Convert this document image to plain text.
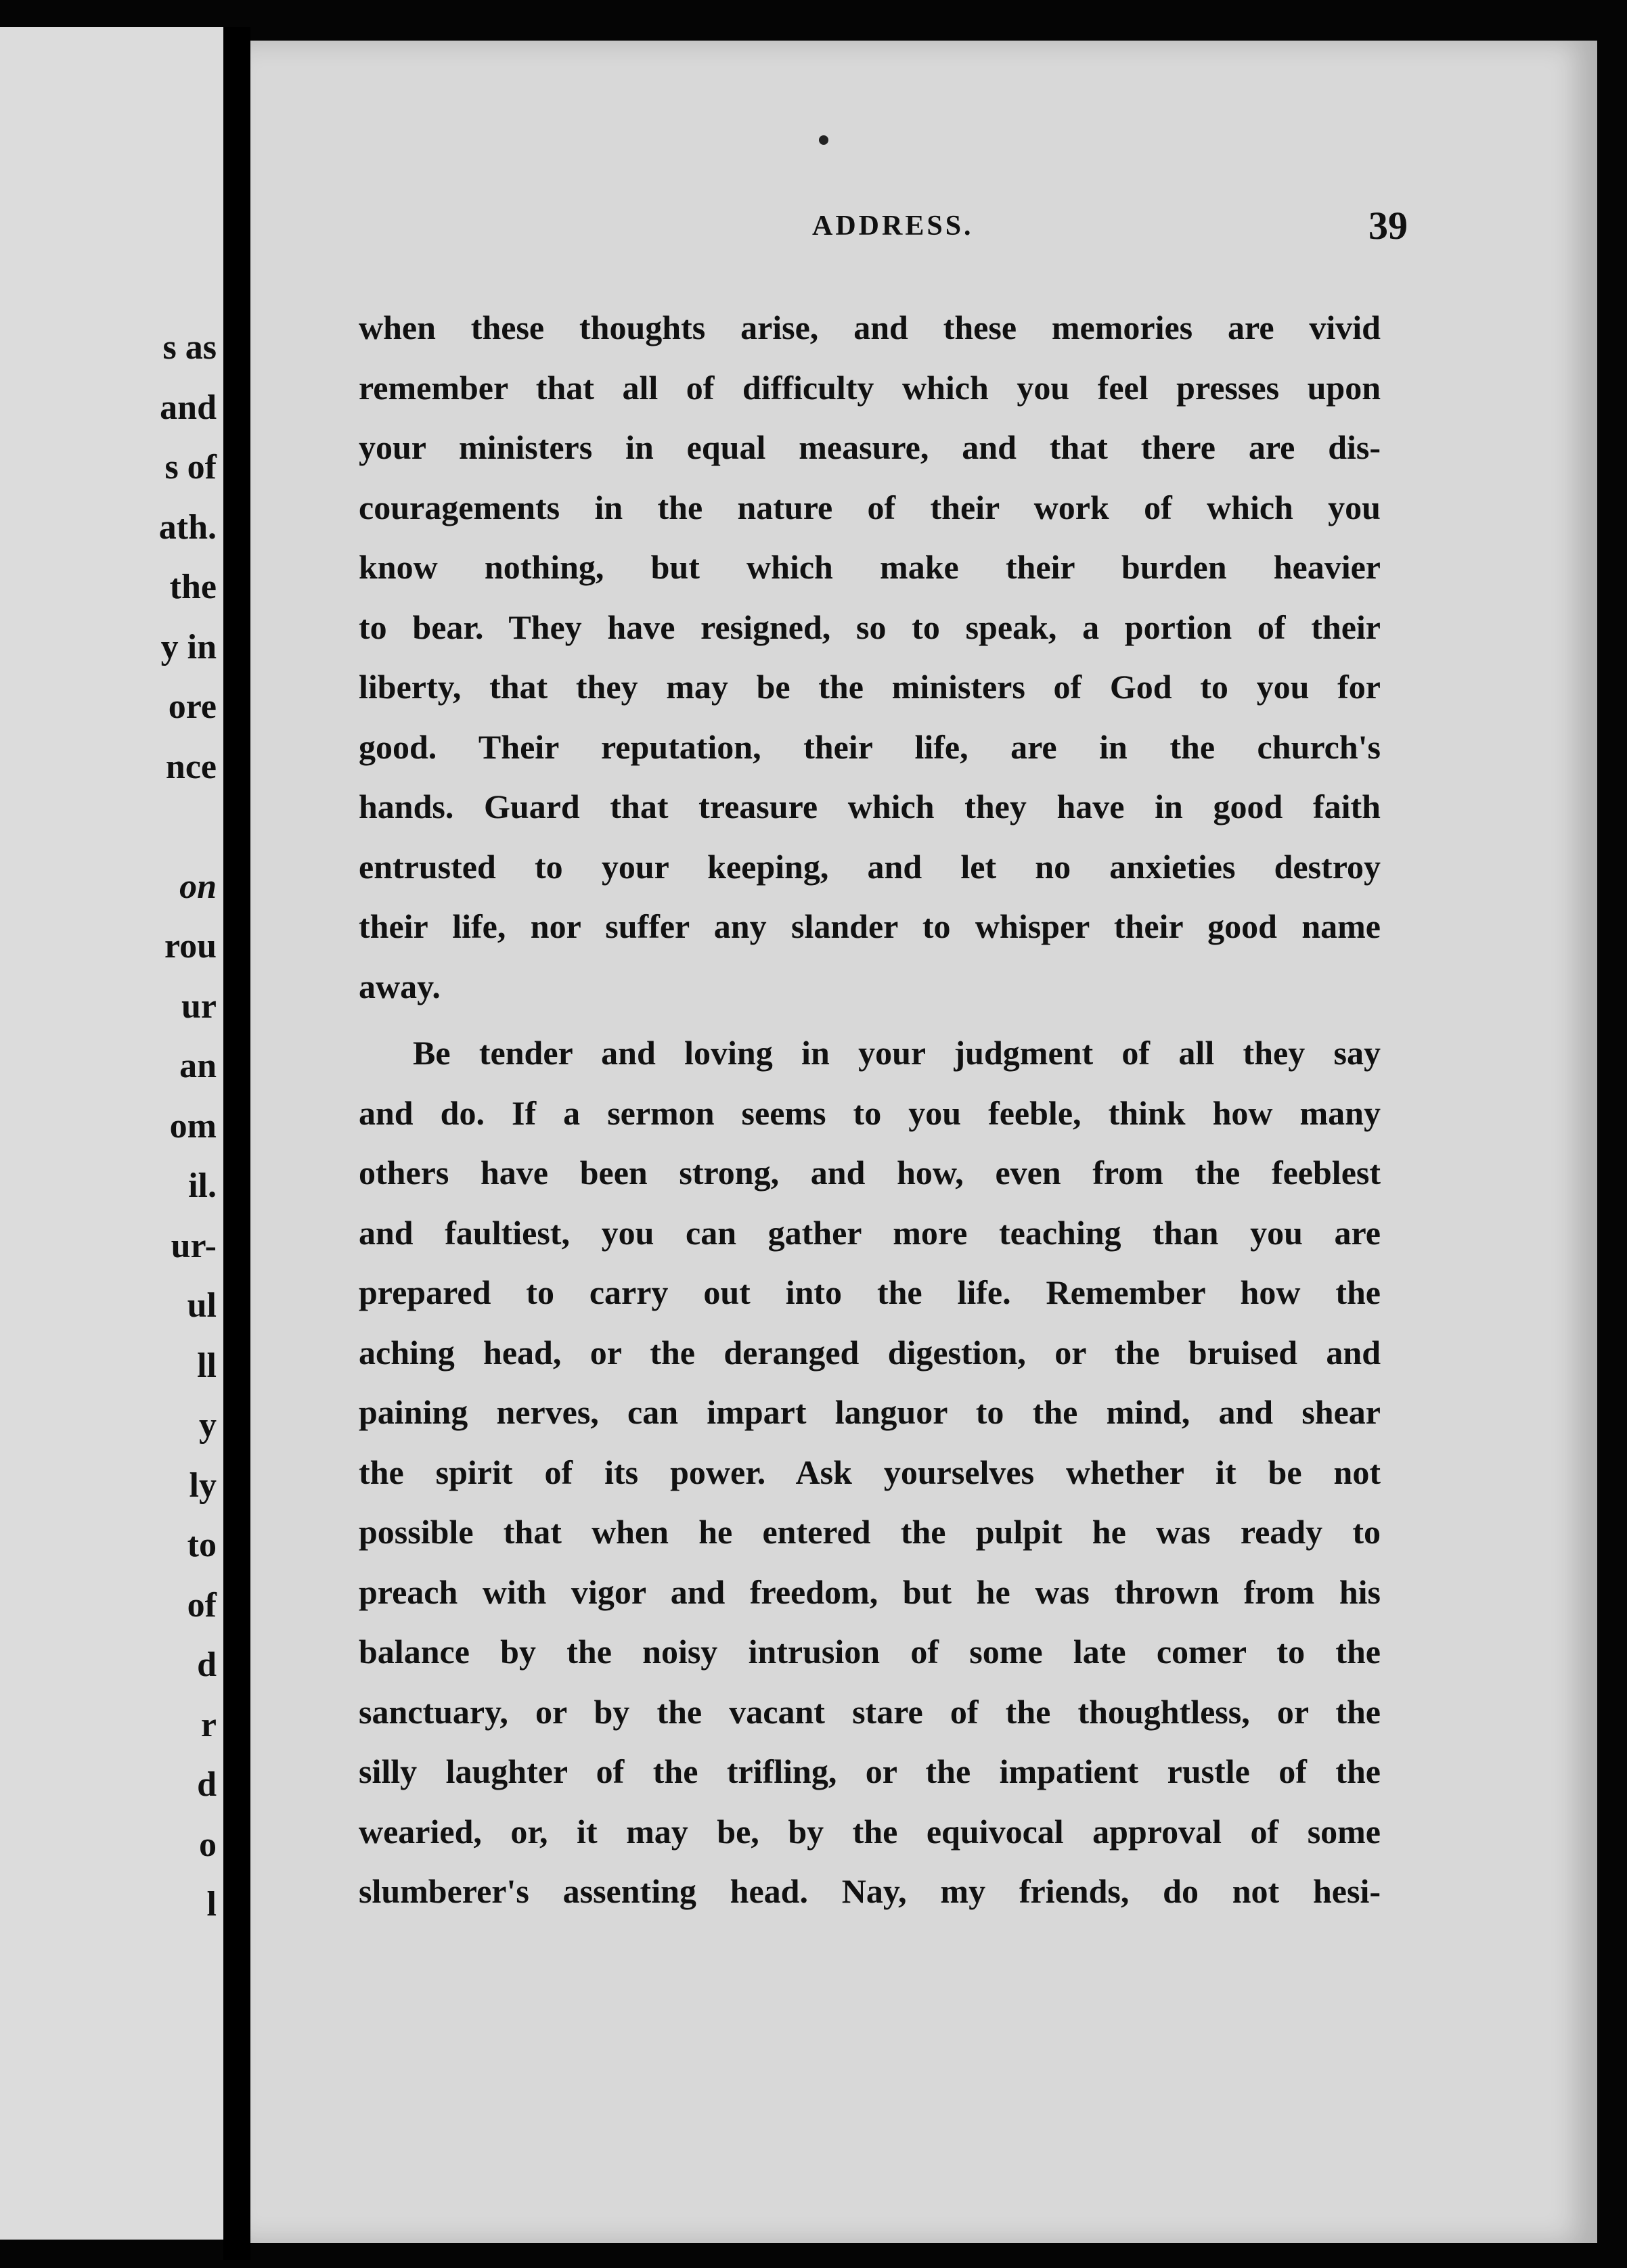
s as
and
s of
ath.
the
y in
ore
nce
on
rou
ur
an
om
il.
ur-
ul
ll
y
ly
to
of
d
r
d
o
l
ADDRESS.	39
when these thoughts arise, and these memories are vivid
remember that all of difficulty which you feel presses upon
your ministers in equal measure, and that there are dis-
couragements in the nature of their work of which you
know nothing, but which make their burden heavier
to bear. They have resigned, so to speak, a portion of their
liberty, that they may be the ministers of God to you for
good. Their reputation, their life, are in the church's
hands. Guard that treasure which they have in good faith
entrusted to your keeping, and let no anxieties destroy
their life, nor suffer any slander to whisper their good name
away.
Be tender and loving in your judgment of all they say
and do. If a sermon seems to you feeble, think how many
others have been strong, and how, even from the feeblest
and faultiest, you can gather more teaching than you are
prepared to carry out into the life. Remember how the
aching head, or the deranged digestion, or the bruised and
paining nerves, can impart languor to the mind, and shear
the spirit of its power. Ask yourselves whether it be not
possible that when he entered the pulpit he was ready to
preach with vigor and freedom, but he was thrown from his
balance by the noisy intrusion of some late comer to the
sanctuary, or by the vacant stare of the thoughtless, or the
silly laughter of the trifling, or the impatient rustle of the
wearied, or, it may be, by the equivocal approval of some
slumberer's assenting head. Nay, my friends, do not hesi-
